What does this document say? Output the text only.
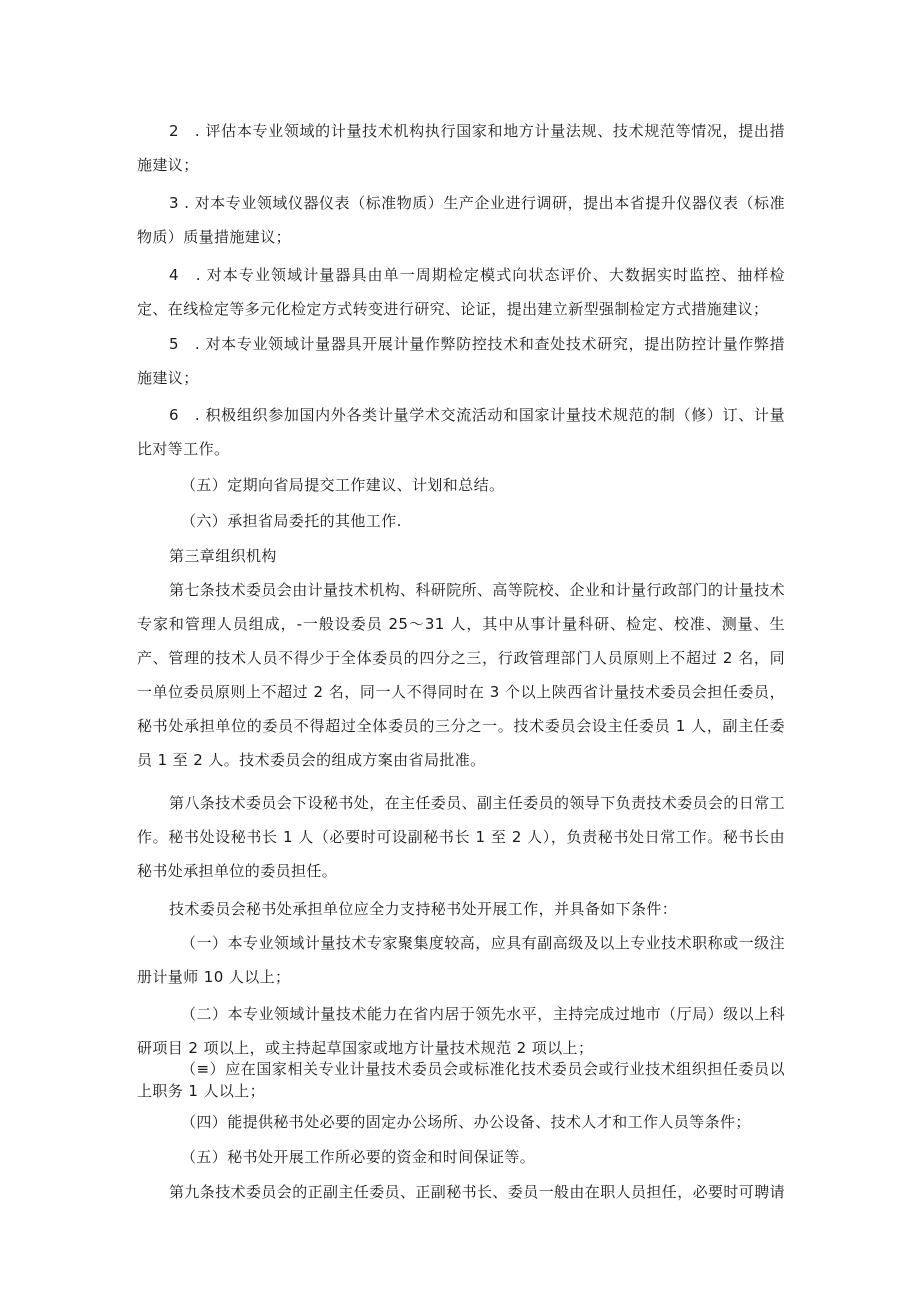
2　. 评估本专业领域的计量技术机构执行国家和地方计量法规、技术规范等情况，提出措施建议；

3 . 对本专业领域仪器仪表（标准物质）生产企业进行调研，提出本省提升仪器仪表（标准物质）质量措施建议；

4　. 对本专业领域计量器具由单一周期检定模式向状态评价、大数据实时监控、抽样检定、在线检定等多元化检定方式转变进行研究、论证，提出建立新型强制检定方式措施建议；

5　. 对本专业领域计量器具开展计量作弊防控技术和查处技术研究，提出防控计量作弊措施建议；

6　. 积极组织参加国内外各类计量学术交流活动和国家计量技术规范的制（修）订、计量比对等工作。

（五）定期向省局提交工作建议、计划和总结。

（六）承担省局委托的其他工作.

第三章组织机构

第七条技术委员会由计量技术机构、科研院所、高等院校、企业和计量行政部门的计量技术专家和管理人员组成，-一般设委员 25～31 人，其中从事计量科研、检定、校准、测量、生产、管理的技术人员不得少于全体委员的四分之三，行政管理部门人员原则上不超过 2 名，同一单位委员原则上不超过 2 名，同一人不得同时在 3 个以上陕西省计量技术委员会担任委员，秘书处承担单位的委员不得超过全体委员的三分之一。技术委员会设主任委员 1 人，副主任委员 1 至 2 人。技术委员会的组成方案由省局批准。

第八条技术委员会下设秘书处，在主任委员、副主任委员的领导下负责技术委员会的日常工作。秘书处设秘书长 1 人（必要时可设副秘书长 1 至 2 人），负责秘书处日常工作。秘书长由秘书处承担单位的委员担任。

技术委员会秘书处承担单位应全力支持秘书处开展工作，并具备如下条件：

（一）本专业领域计量技术专家聚集度较高，应具有副高级及以上专业技术职称或一级注册计量师 10 人以上；

（二）本专业领域计量技术能力在省内居于领先水平，主持完成过地市（厅局）级以上科研项目 2 项以上，或主持起草国家或地方计量技术规范 2 项以上；

（≡）应在国家相关专业计量技术委员会或标准化技术委员会或行业技术组织担任委员以上职务 1 人以上；

（四）能提供秘书处必要的固定办公场所、办公设备、技术人才和工作人员等条件；

（五）秘书处开展工作所必要的资金和时间保证等。

第九条技术委员会的正副主任委员、正副秘书长、委员一般由在职人员担任，必要时可聘请
